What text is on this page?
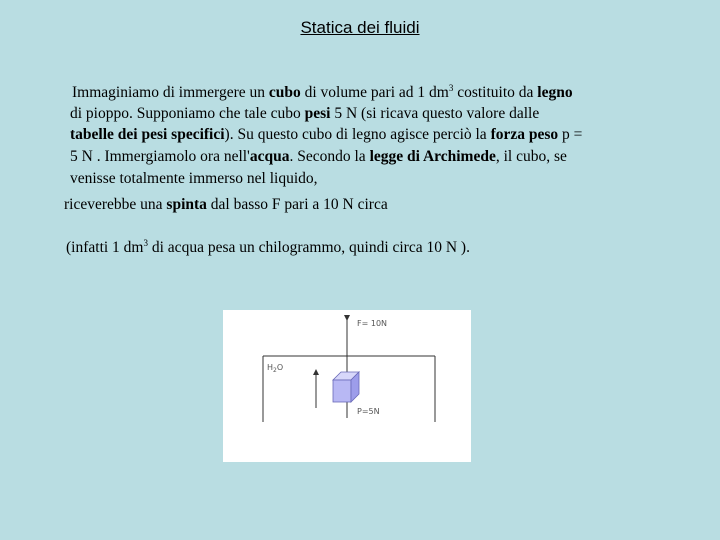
Statica dei fluidi
Immaginiamo di immergere un cubo di volume pari ad 1 $dm^3$ costituito da legno
di pioppo. Supponiamo che tale cubo pesi 5 N (si ricava questo valore dalle
tabelle dei pesi specifici). Su questo cubo di legno agisce perciò la forza peso p =
5 N . Immergiamolo ora nell'acqua. Secondo la legge di Archimede, il cubo, se
venisse totalmente immerso nel liquido,
riceverebbe una spinta dal basso F pari a 10 N circa
(infatti 1 $dm^3$ di acqua pesa un chilogrammo, quindi circa 10 N ).
$H_2O$
F= 10N
P=5N
